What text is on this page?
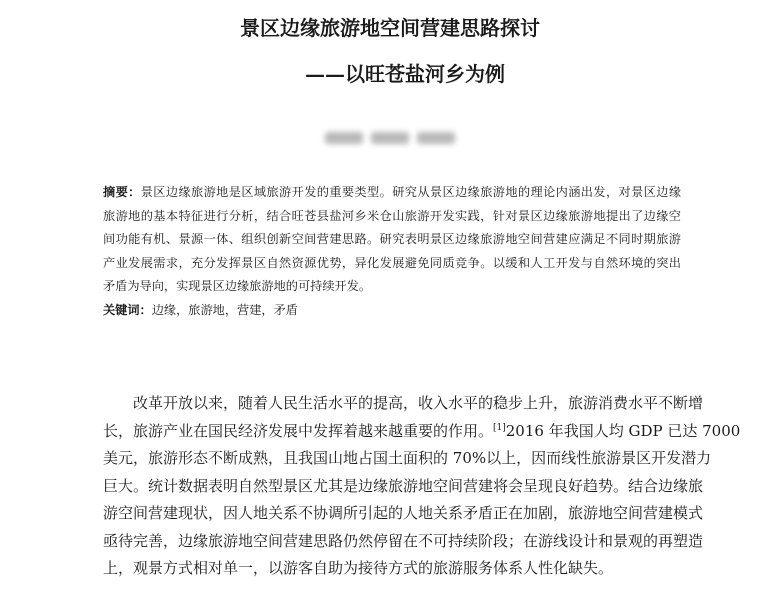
景区边缘旅游地空间营建思路探讨
——以旺苍盐河乡为例
摘要：景区边缘旅游地是区域旅游开发的重要类型。研究从景区边缘旅游地的理论内涵出发，对景区边缘
旅游地的基本特征进行分析，结合旺苍县盐河乡米仓山旅游开发实践，针对景区边缘旅游地提出了边缘空
间功能有机、景源一体、组织创新空间营建思路。研究表明景区边缘旅游地空间营建应满足不同时期旅游
产业发展需求，充分发挥景区自然资源优势，异化发展避免同质竞争。以缓和人工开发与自然环境的突出
矛盾为导向，实现景区边缘旅游地的可持续开发。
关键词：边缘，旅游地，营建，矛盾
改革开放以来，随着人民生活水平的提高，收入水平的稳步上升，旅游消费水平不断增
长，旅游产业在国民经济发展中发挥着越来越重要的作用。[1]2016 年我国人均 GDP 已达 7000
美元，旅游形态不断成熟，且我国山地占国土面积的 70%以上，因而线性旅游景区开发潜力
巨大。统计数据表明自然型景区尤其是边缘旅游地空间营建将会呈现良好趋势。结合边缘旅
游空间营建现状，因人地关系不协调所引起的人地关系矛盾正在加剧，旅游地空间营建模式
亟待完善，边缘旅游地空间营建思路仍然停留在不可持续阶段；在游线设计和景观的再塑造
上，观景方式相对单一，以游客自助为接待方式的旅游服务体系人性化缺失。
